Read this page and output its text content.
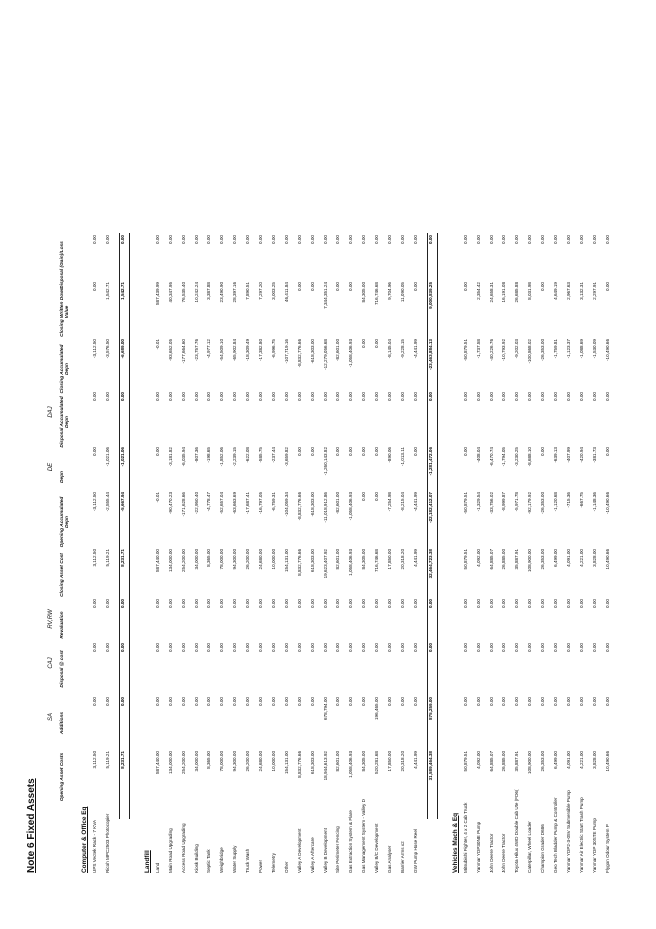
Note 6 Fixed Assets
SA
CAJ
RV,RW
DE
DAJ
Opening Asset Costs
Additions
Disposal @ cost
Revaluation
Closing Asset Cost
Opening Accumulated Depn
Depn
Disposal Accumulated Depn
Closing Accumulated Depn
Closing Written Down Value
Disposal (Gain)/Loss
Computer & Office Eq UPS Vectek Rack - 7 KVA
3,112.50
0.00
0.00
0.00
3,112.50
-3,112.50
0.00
0.00
-3,112.50
0.00
0.00
Ricoh MPC2503 Photocopier
5,119.21
0.00
0.00
0.00
5,119.21
-2,555.44
-1,021.06
0.00
-3,576.50
1,542.71
0.00
8,231.71
0.00
0.00
0.00
8,231.71
-5,667.94
-1,021.06
0.00
-6,689.00
1,542.71
0.00
Landfill Land
587,440.00
0.00
0.00
0.00
587,440.00
-0.01
0.00
0.00
-0.01
587,439.99
0.00
Main Road Upgrading
134,000.00
0.00
0.00
0.00
134,000.00
-90,470.23
-3,181.82
0.00
-93,652.05
40,347.95
0.00
Access Road Upgrading
254,200.00
0.00
0.00
0.00
254,200.00
-171,628.66
-6,035.94
0.00
-177,664.60
76,535.40
0.00
Kiosk Building
34,000.00
0.00
0.00
0.00
34,000.00
-22,950.40
-807.36
0.00
-23,757.76
10,242.24
0.00
Septic Tank
8,365.00
0.00
0.00
0.00
8,365.00
-4,778.47
-198.65
0.00
-4,977.12
3,387.88
0.00
Weighbridge
78,000.00
0.00
0.00
0.00
78,000.00
-52,657.04
-1,852.06
0.00
-54,509.10
23,490.90
0.00
Water Supply
94,300.00
0.00
0.00
0.00
94,300.00
-63,663.69
-2,239.15
0.00
-65,902.84
28,397.16
0.00
Truck Wash
26,200.00
0.00
0.00
0.00
26,200.00
-17,687.41
-622.08
0.00
-18,309.49
7,890.51
0.00
Power
24,680.00
0.00
0.00
0.00
24,680.00
-16,797.05
-585.75
0.00
-17,382.80
7,297.20
0.00
Telemetry
10,000.00
0.00
0.00
0.00
10,000.00
-6,759.31
-237.44
0.00
-6,996.75
3,003.25
0.00
Other
154,131.00
0.00
0.00
0.00
154,131.00
-104,059.34
-3,659.82
0.00
-107,719.16
46,411.84
0.00
Valley A Development
8,832,776.66
0.00
0.00
0.00
8,832,776.66
-8,832,776.66
0.00
0.00
-8,832,776.66
0.00
0.00
Valley A Aftercare
618,303.00
0.00
0.00
0.00
618,303.00
-618,303.00
0.00
0.00
-618,303.00
0.00
0.00
Valley B Development
18,944,613.92
678,794.00
0.00
0.00
19,623,407.92
-11,018,912.86
-1,260,143.82
0.00
-12,279,056.68
7,344,351.24
0.00
Site Perimeter Fencing
82,601.00
0.00
0.00
0.00
82,601.00
-82,601.00
0.00
0.00
-82,601.00
0.00
0.00
Gas Extraction System & Flare
1,058,406.93
0.00
0.00
0.00
1,058,406.93
-1,058,406.93
0.00
0.00
-1,058,406.93
0.00
0.00
Gas Management System - Valley D
84,305.00
0.00
0.00
0.00
84,305.00
0.00
0.00
0.00
0.00
84,305.00
0.00
Valley B/C Development
520,281.68
196,465.00
0.00
0.00
716,746.68
0.00
0.00
0.00
0.00
716,746.68
0.00
Gas Analyser
17,850.00
0.00
0.00
0.00
17,850.00
-7,254.98
-890.06
0.00
-8,145.04
9,704.96
0.00
Barrier Arms x2
20,318.20
0.00
0.00
0.00
20,318.20
-8,215.04
-1,013.11
0.00
-9,228.15
11,090.05
0.00
GW Pump Hose Reel
4,441.99
0.00
0.00
0.00
4,441.99
-4,441.99
0.00
0.00
-4,441.99
0.00
0.00
31,589,464.38
875,259.00
0.00
0.00
32,464,723.38
-22,182,412.07
-1,281,472.06
0.00
-23,463,884.13
9,000,839.25
0.00
Vehicles Mach & Eq Mitsubishi Fighter, 4 x 2 Cab Truck
50,879.51
0.00
0.00
0.00
50,879.51
-50,879.51
0.00
0.00
-50,879.51
0.00
0.00
Yanmar YDP30NE Pump
4,092.00
0.00
0.00
0.00
4,092.00
-1,329.54
-408.04
0.00
-1,737.58
2,354.42
0.00
John Deere Tractor
64,885.07
0.00
0.00
0.00
64,885.07
-33,756.02
-6,470.74
0.00
-40,226.76
24,658.31
0.00
John Deere Tractor
26,885.00
0.00
0.00
0.00
26,885.00
-8,999.87
-1,794.05
0.00
-10,793.92
16,191.08
0.00
Toyota Hilux 4WD Double Cab Ute (FD6(
35,887.91
0.00
0.00
0.00
35,887.91
-5,971.78
-3,230.25
0.00
-9,202.03
26,685.88
0.00
Caterpillar, Wheel Loader
108,900.00
0.00
0.00
0.00
108,900.00
-92,179.92
-8,688.10
0.00
-100,868.02
8,031.98
0.00
Champion Grader D686
26,353.00
0.00
0.00
0.00
26,353.00
-26,353.00
0.00
0.00
-26,353.00
0.00
0.00
Geo Tech Bladder Pump & Controller
6,499.00
0.00
0.00
0.00
6,499.00
-1,120.68
-639.13
0.00
-1,759.81
4,649.19
0.00
Yanmar YDP2-3-05V Submersible Pump
4,091.00
0.00
0.00
0.00
4,091.00
-715.36
-407.99
0.00
-1,123.37
2,967.63
0.00
Yanmar Air Electric Start Trash Pump
4,221.00
0.00
0.00
0.00
4,221.00
-667.75
-420.94
0.00
-1,088.69
3,132.31
0.00
Yanmar YDP 30STE Pump
3,828.00
0.00
0.00
0.00
3,828.00
-1,148.36
-381.73
0.00
-1,530.09
2,297.91
0.00
Flygon Odour System P
10,490.66
0.00
0.00
0.00
10,490.66
-10,490.66
0.00
0.00
-10,490.66
0.00
0.00
